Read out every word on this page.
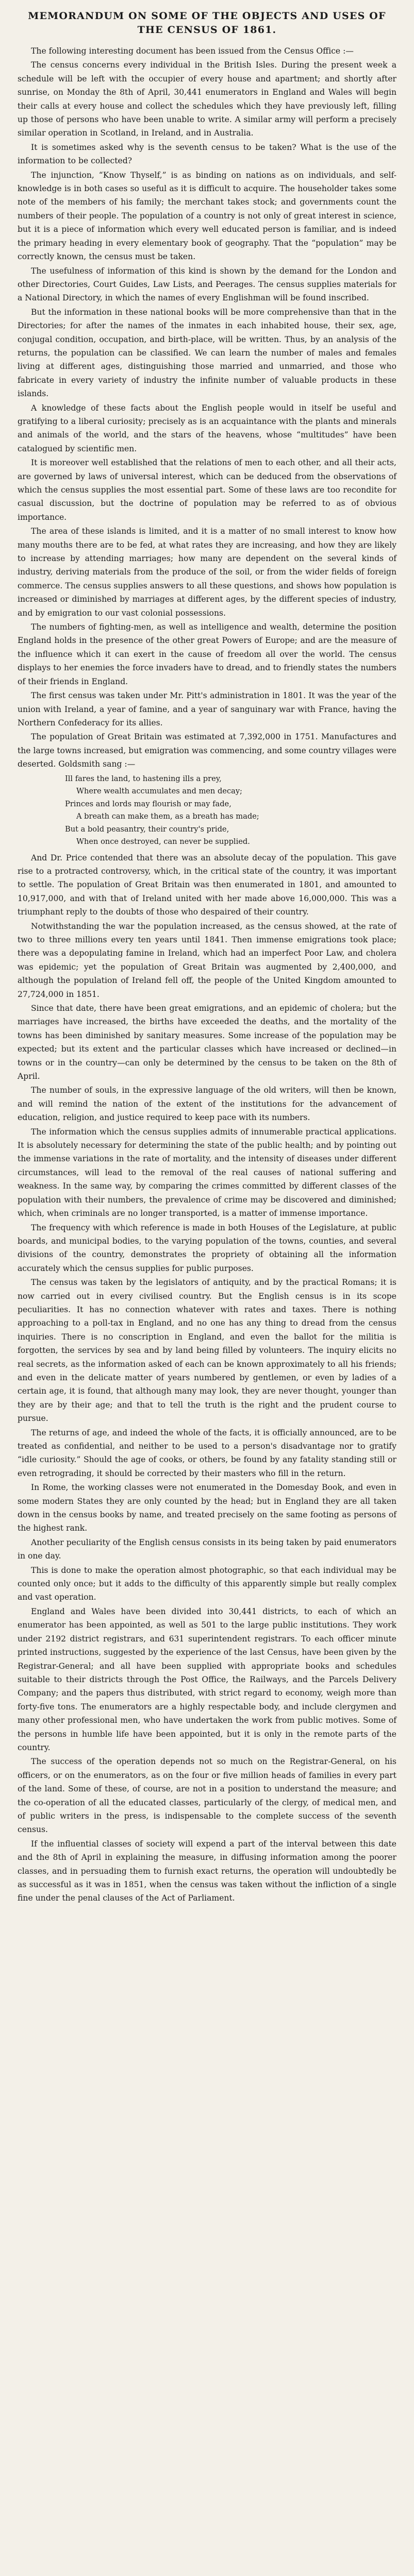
MEMORANDUM ON SOME OF THE OBJECTS AND USES OF THE CENSUS OF 1861.

The following interesting document has been issued from the Census Office :—

The census concerns every individual in the British Isles. During the present week a schedule will be left with the occupier of every house and apartment; and shortly after sunrise, on Monday the 8th of April, 30,441 enumerators in England and Wales will begin their calls at every house and collect the schedules which they have previously left, filling up those of persons who have been unable to write. A similar army will perform a precisely similar operation in Scotland, in Ireland, and in Australia.

It is sometimes asked why is the seventh census to be taken? What is the use of the information to be collected?

The injunction, “Know Thyself,” is as binding on nations as on individuals, and self-knowledge is in both cases so useful as it is difficult to acquire. The householder takes some note of the members of his family; the merchant takes stock; and governments count the numbers of their people. The population of a country is not only of great interest in science, but it is a piece of information which every well educated person is familiar, and is indeed the primary heading in every elementary book of geography. That the “population” may be correctly known, the census must be taken.

The usefulness of information of this kind is shown by the demand for the London and other Directories, Court Guides, Law Lists, and Peerages. The census supplies materials for a National Directory, in which the names of every Englishman will be found inscribed.

But the information in these national books will be more comprehensive than that in the Directories; for after the names of the inmates in each inhabited house, their sex, age, conjugal condition, occupation, and birth-place, will be written. Thus, by an analysis of the returns, the population can be classified. We can learn the number of males and females living at different ages, distinguishing those married and unmarried, and those who fabricate in every variety of industry the infinite number of valuable products in these islands.

A knowledge of these facts about the English people would in itself be useful and gratifying to a liberal curiosity; precisely as is an acquaintance with the plants and minerals and animals of the world, and the stars of the heavens, whose “multitudes” have been catalogued by scientific men.

It is moreover well established that the relations of men to each other, and all their acts, are governed by laws of universal interest, which can be deduced from the observations of which the census supplies the most essential part. Some of these laws are too recondite for casual discussion, but the doctrine of population may be referred to as of obvious importance.

The area of these islands is limited, and it is a matter of no small interest to know how many mouths there are to be fed, at what rates they are increasing, and how they are likely to increase by attending marriages; how many are dependent on the several kinds of industry, deriving materials from the produce of the soil, or from the wider fields of foreign commerce. The census supplies answers to all these questions, and shows how population is increased or diminished by marriages at different ages, by the different species of industry, and by emigration to our vast colonial possessions.

The numbers of fighting-men, as well as intelligence and wealth, determine the position England holds in the presence of the other great Powers of Europe; and are the measure of the influence which it can exert in the cause of freedom all over the world. The census displays to her enemies the force invaders have to dread, and to friendly states the numbers of their friends in England.

The first census was taken under Mr. Pitt's administration in 1801. It was the year of the union with Ireland, a year of famine, and a year of sanguinary war with France, having the Northern Confederacy for its allies.

The population of Great Britain was estimated at 7,392,000 in 1751. Manufactures and the large towns increased, but emigration was commencing, and some country villages were deserted. Goldsmith sang :—

Ill fares the land, to hastening ills a prey,
Where wealth accumulates and men decay;
Princes and lords may flourish or may fade,
A breath can make them, as a breath has made;
But a bold peasantry, their country's pride,
When once destroyed, can never be supplied.

And Dr. Price contended that there was an absolute decay of the population. This gave rise to a protracted controversy, which, in the critical state of the country, it was important to settle. The population of Great Britain was then enumerated in 1801, and amounted to 10,917,000, and with that of Ireland united with her made above 16,000,000. This was a triumphant reply to the doubts of those who despaired of their country.

Notwithstanding the war the population increased, as the census showed, at the rate of two to three millions every ten years until 1841. Then immense emigrations took place; there was a depopulating famine in Ireland, which had an imperfect Poor Law, and cholera was epidemic; yet the population of Great Britain was augmented by 2,400,000, and although the population of Ireland fell off, the people of the United Kingdom amounted to 27,724,000 in 1851.

Since that date, there have been great emigrations, and an epidemic of cholera; but the marriages have increased, the births have exceeded the deaths, and the mortality of the towns has been diminished by sanitary measures. Some increase of the population may be expected; but its extent and the particular classes which have increased or declined—in towns or in the country—can only be determined by the census to be taken on the 8th of April.

The number of souls, in the expressive language of the old writers, will then be known, and will remind the nation of the extent of the institutions for the advancement of education, religion, and justice required to keep pace with its numbers.

The information which the census supplies admits of innumerable practical applications. It is absolutely necessary for determining the state of the public health; and by pointing out the immense variations in the rate of mortality, and the intensity of diseases under different circumstances, will lead to the removal of the real causes of national suffering and weakness. In the same way, by comparing the crimes committed by different classes of the population with their numbers, the prevalence of crime may be discovered and diminished; which, when criminals are no longer transported, is a matter of immense importance.

The frequency with which reference is made in both Houses of the Legislature, at public boards, and municipal bodies, to the varying population of the towns, counties, and several divisions of the country, demonstrates the propriety of obtaining all the information accurately which the census supplies for public purposes.

The census was taken by the legislators of antiquity, and by the practical Romans; it is now carried out in every civilised country. But the English census is in its scope peculiarities. It has no connection whatever with rates and taxes. There is nothing approaching to a poll-tax in England, and no one has any thing to dread from the census inquiries. There is no conscription in England, and even the ballot for the militia is forgotten, the services by sea and by land being filled by volunteers. The inquiry elicits no real secrets, as the information asked of each can be known approximately to all his friends; and even in the delicate matter of years numbered by gentlemen, or even by ladies of a certain age, it is found, that although many may look, they are never thought, younger than they are by their age; and that to tell the truth is the right and the prudent course to pursue.

The returns of age, and indeed the whole of the facts, it is officially announced, are to be treated as confidential, and neither to be used to a person's disadvantage nor to gratify “idle curiosity.” Should the age of cooks, or others, be found by any fatality standing still or even retrograding, it should be corrected by their masters who fill in the return.

In Rome, the working classes were not enumerated in the Domesday Book, and even in some modern States they are only counted by the head; but in England they are all taken down in the census books by name, and treated precisely on the same footing as persons of the highest rank.

Another peculiarity of the English census consists in its being taken by paid enumerators in one day.

This is done to make the operation almost photographic, so that each individual may be counted only once; but it adds to the difficulty of this apparently simple but really complex and vast operation.

England and Wales have been divided into 30,441 districts, to each of which an enumerator has been appointed, as well as 501 to the large public institutions. They work under 2192 district registrars, and 631 superintendent registrars. To each officer minute printed instructions, suggested by the experience of the last Census, have been given by the Registrar-General; and all have been supplied with appropriate books and schedules suitable to their districts through the Post Office, the Railways, and the Parcels Delivery Company; and the papers thus distributed, with strict regard to economy, weigh more than forty-five tons. The enumerators are a highly respectable body, and include clergymen and many other professional men, who have undertaken the work from public motives. Some of the persons in humble life have been appointed, but it is only in the remote parts of the country.

The success of the operation depends not so much on the Registrar-General, on his officers, or on the enumerators, as on the four or five million heads of families in every part of the land. Some of these, of course, are not in a position to understand the measure; and the co-operation of all the educated classes, particularly of the clergy, of medical men, and of public writers in the press, is indispensable to the complete success of the seventh census.

If the influential classes of society will expend a part of the interval between this date and the 8th of April in explaining the measure, in diffusing information among the poorer classes, and in persuading them to furnish exact returns, the operation will undoubtedly be as successful as it was in 1851, when the census was taken without the infliction of a single fine under the penal clauses of the Act of Parliament.
